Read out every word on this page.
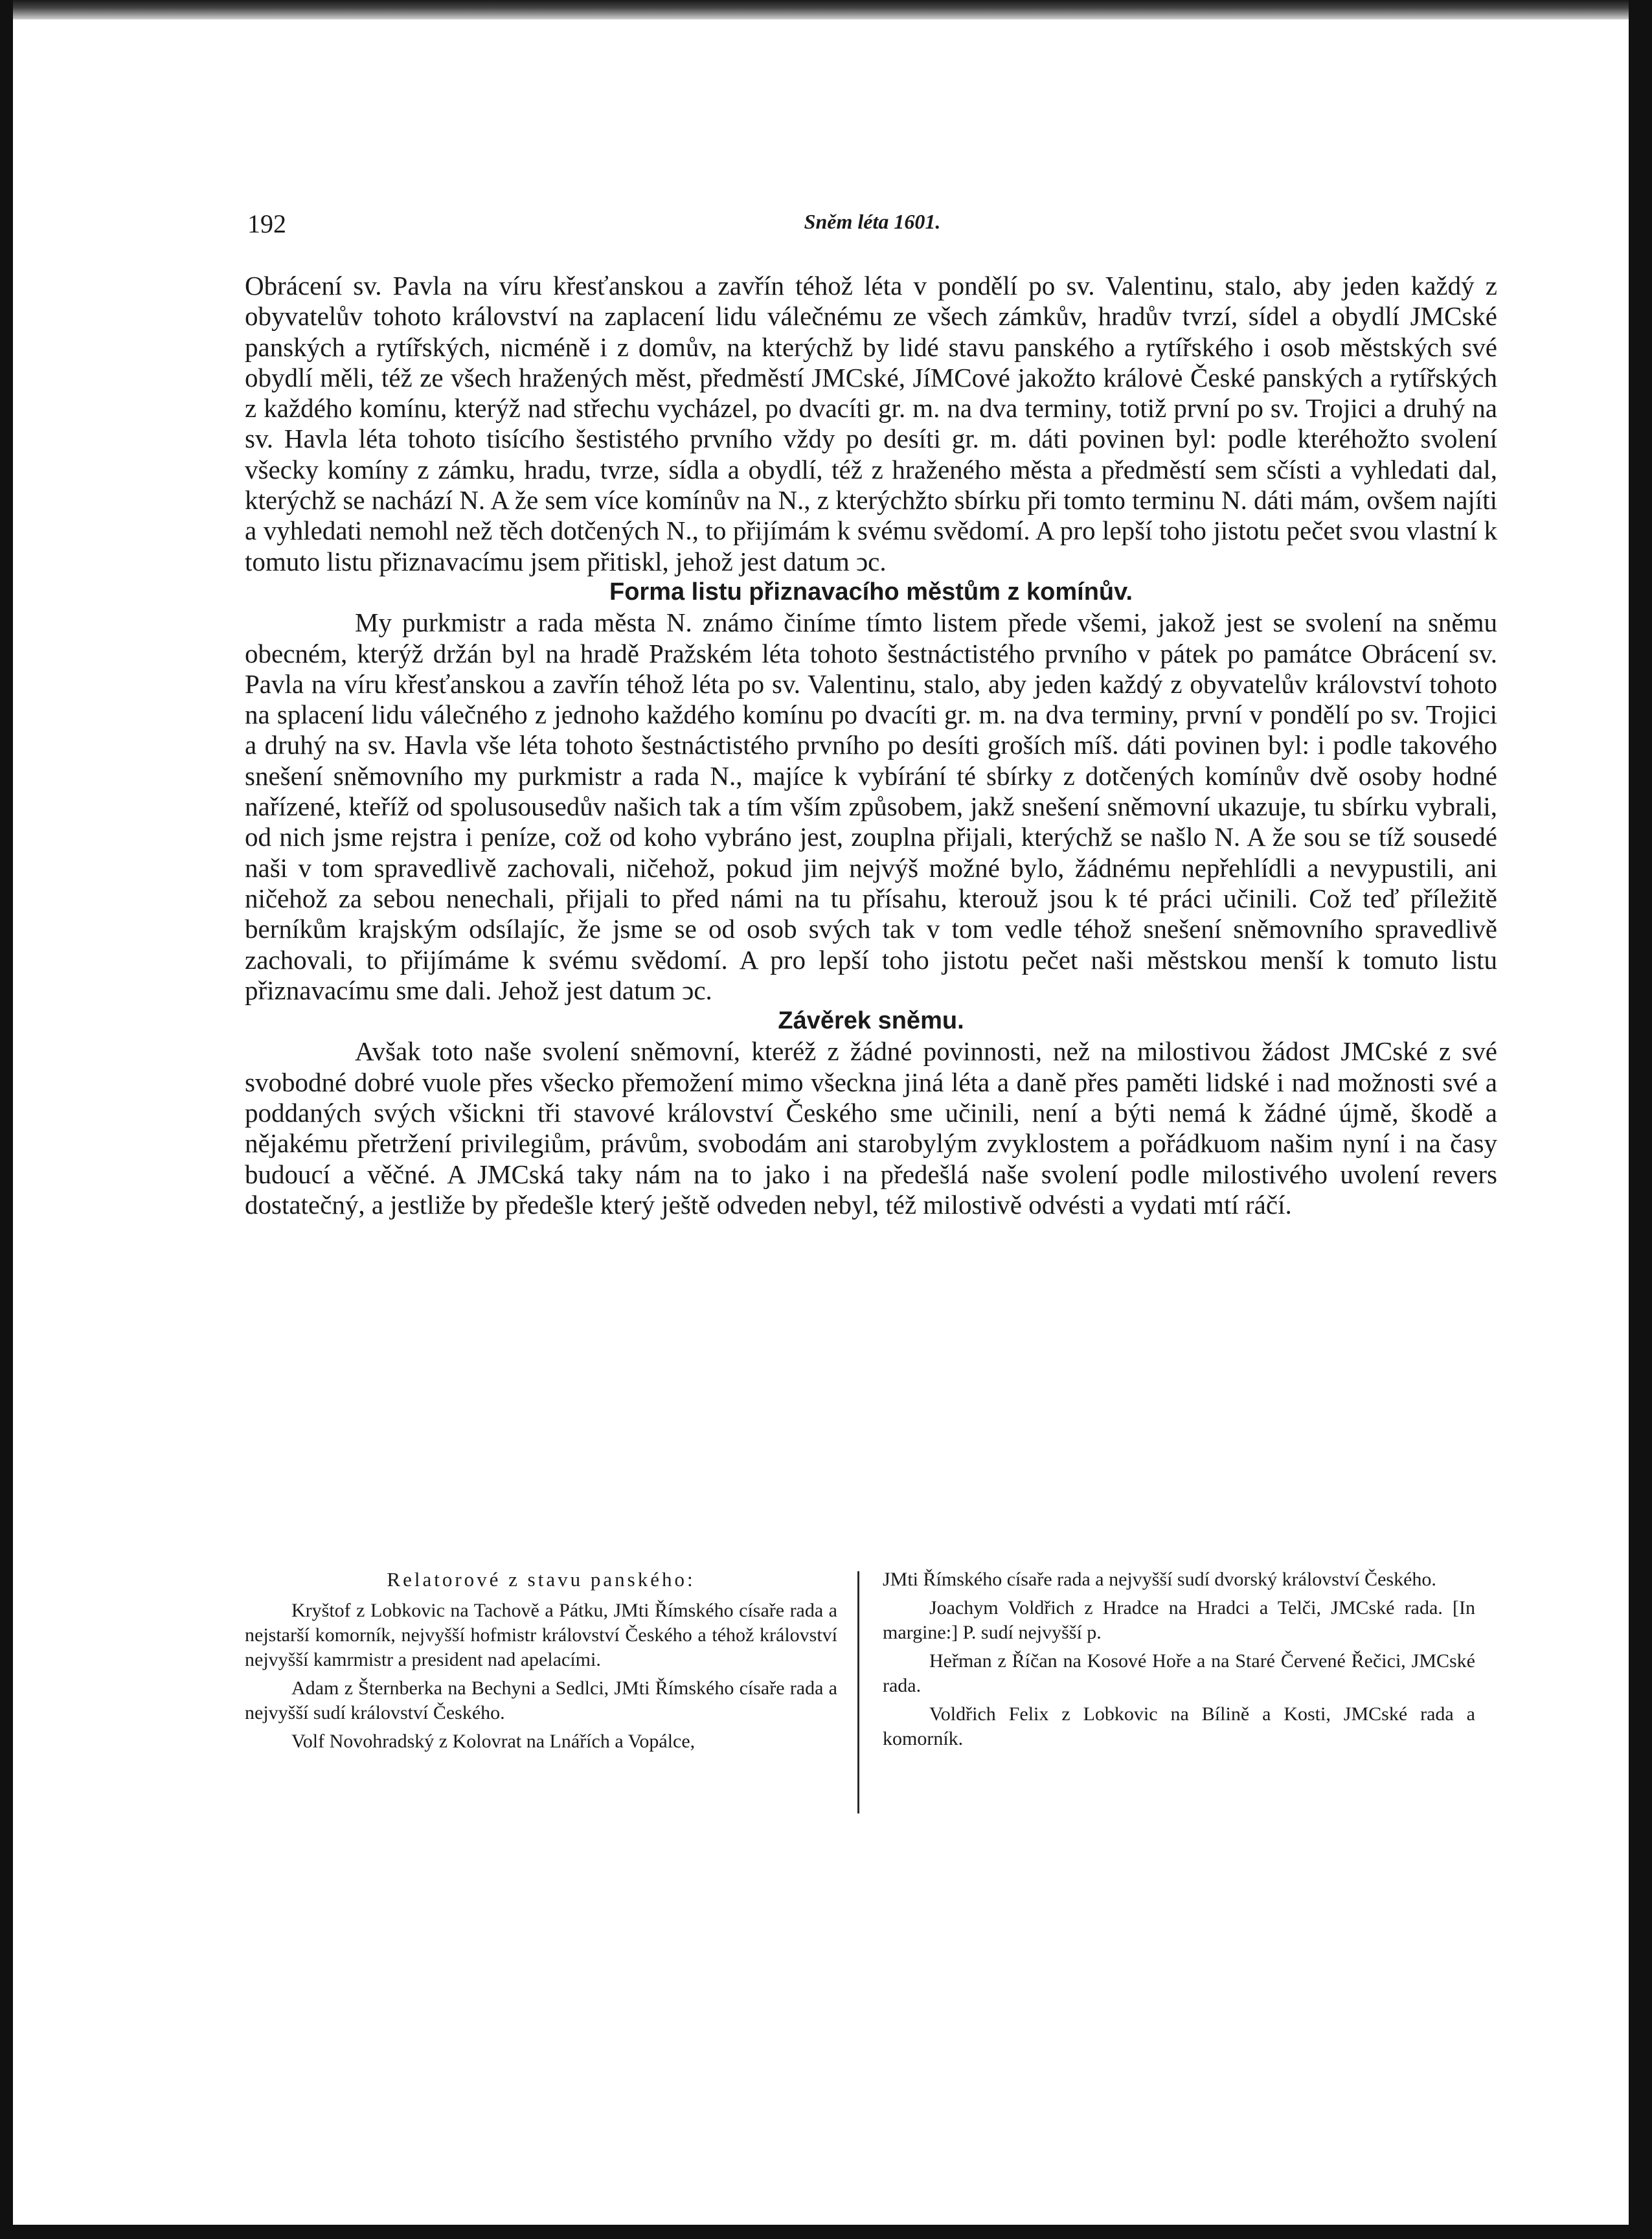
192	Sněm léta 1601.

Obrácení sv. Pavla na víru křesťanskou a zavřín téhož léta v pondělí po sv. Valentinu, stalo, aby jeden každý z obyvatelův tohoto království na zaplacení lidu válečnému ze všech zámkův, hradův tvrzí, sídel a obydlí JMCské panských a rytířských, nicméně i z domův, na kterýchž by lidé stavu panského a rytířského i osob městských své obydlí měli, též ze všech hražených měst, předměstí JMCské, JíMCové jakožto královė České panských a rytířských z každého komínu, kterýž nad střechu vycházel, po dvacíti gr. m. na dva terminy, totiž první po sv. Trojici a druhý na sv. Havla léta tohoto tisícího šestistého prvního vždy po desíti gr. m. dáti povinen byl: podle kteréhožto svolení všecky komíny z zámku, hradu, tvrze, sídla a obydlí, též z hraženého města a předměstí sem sčísti a vyhledati dal, kterýchž se nachází N. A že sem více komínův na N., z kterýchžto sbírku při tomto terminu N. dáti mám, ovšem najíti a vyhledati nemohl než těch dotčených N., to přijímám k svému svědomí. A pro lepší toho jistotu pečet svou vlastní k tomuto listu přiznavacímu jsem přitiskl, jehož jest datum ͻc.

Forma listu přiznavacího městům z komínův.

My purkmistr a rada města N. známo činíme tímto listem přede všemi, jakož jest se svolení na sněmu obecném, kterýž držán byl na hradě Pražském léta tohoto šestnáctistého prvního v pátek po památce Obrácení sv. Pavla na víru křesťanskou a zavřín téhož léta po sv. Valentinu, stalo, aby jeden každý z obyvatelův království tohoto na splacení lidu válečného z jednoho každého komínu po dvacíti gr. m. na dva terminy, první v pondělí po sv. Trojici a druhý na sv. Havla vše léta tohoto šestnáctistého prvního po desíti groších míš. dáti povinen byl: i podle takového snešení sněmovního my purkmistr a rada N., majíce k vybírání té sbírky z dotčených komínův dvě osoby hodné nařízené, kteříž od spolusousedův našich tak a tím vším způsobem, jakž snešení sněmovní ukazuje, tu sbírku vybrali, od nich jsme rejstra i peníze, což od koho vybráno jest, zouplna přijali, kterýchž se našlo N. A že sou se tíž sousedé naši v tom spravedlivě zachovali, ničehož, pokud jim nejvýš možné bylo, žádnému nepřehlídli a nevypustili, ani ničehož za sebou nenechali, přijali to před námi na tu přísahu, kterouž jsou k té práci učinili. Což teď příležitě berníkům krajským odsílajíc, že jsme se od osob svých tak v tom vedle téhož snešení sněmovního spravedlivě zachovali, to přijímáme k svému svědomí. A pro lepší toho jistotu pečet naši městskou menší k tomuto listu přiznavacímu sme dali. Jehož jest datum ͻc.

Závěrek sněmu.

Avšak toto naše svolení sněmovní, kteréž z žádné povinnosti, než na milostivou žádost JMCské z své svobodné dobré vuole přes všecko přemožení mimo všeckna jiná léta a daně přes paměti lidské i nad možnosti své a poddaných svých všickni tři stavové království Českého sme učinili, není a býti nemá k žádné újmě, škodě a nějakému přetržení privilegiům, právům, svobodám ani starobylým zvyklostem a pořádkuom našim nyní i na časy budoucí a věčné. A JMCská taky nám na to jako i na předešlá naše svolení podle milostivého uvolení revers dostatečný, a jestliže by předešle který ještě odveden nebyl, též milostivě odvésti a vydati mtí ráčí.

Relatorové z stavu panského:

Kryštof z Lobkovic na Tachově a Pátku, JMti Římského císaře rada a nejstarší komorník, nejvyšší hofmistr království Českého a téhož království nejvyšší kamrmistr a president nad apelacími.

Adam z Šternberka na Bechyni a Sedlci, JMti Římského císaře rada a nejvyšší sudí království Českého.

Volf Novohradský z Kolovrat na Lnářích a Vopálce,

JMti Římského císaře rada a nejvyšší sudí dvorský království Českého.

Joachym Voldřich z Hradce na Hradci a Telči, JMCské rada. [In margine:] P. sudí nejvyšší p.

Heřman z Říčan na Kosové Hoře a na Staré Červené Řečici, JMCské rada.

Voldřich Felix z Lobkovic na Bílině a Kosti, JMCské rada a komorník.
